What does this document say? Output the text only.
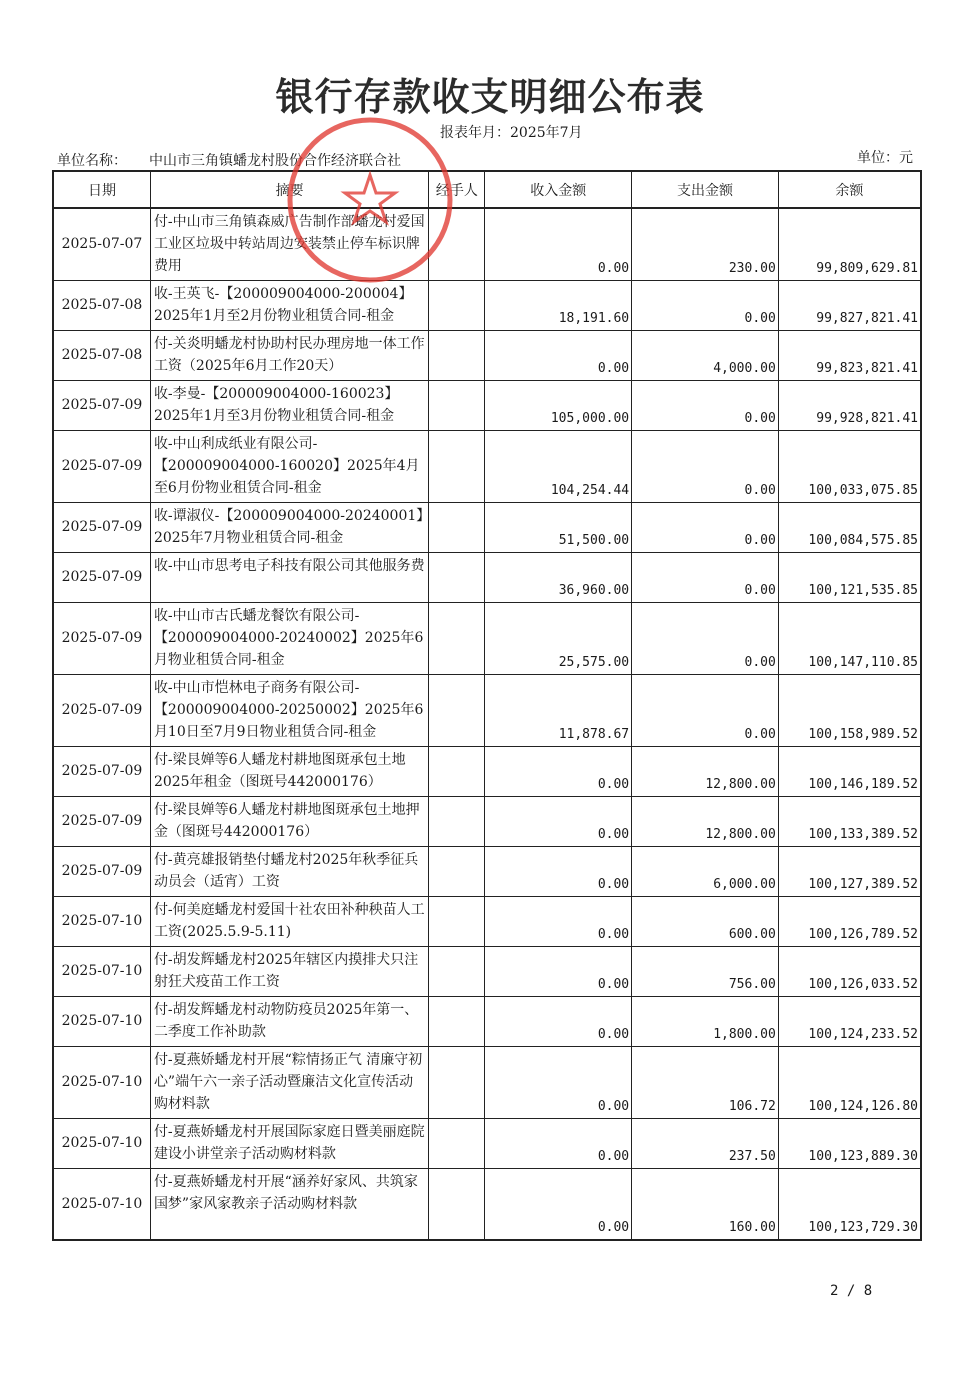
银行存款收支明细公布表
报表年月：2025年7月
单位名称： 中山市三角镇蟠龙村股份合作经济联合社	单位：元
日期	摘要	经手人	收入金额	支出金额	余额
2025-07-07	付-中山市三角镇森威广告制作部蟠龙村爱国工业区垃圾中转站周边安装禁止停车标识牌费用		0.00	230.00	99,809,629.81
2025-07-08	收-王英飞-【200009004000-200004】2025年1月至2月份物业租赁合同-租金		18,191.60	0.00	99,827,821.41
2025-07-08	付-关炎明蟠龙村协助村民办理房地一体工作工资（2025年6月工作20天）		0.00	4,000.00	99,823,821.41
2025-07-09	收-李曼-【200009004000-160023】2025年1月至3月份物业租赁合同-租金		105,000.00	0.00	99,928,821.41
2025-07-09	收-中山利成纸业有限公司-【200009004000-160020】2025年4月至6月份物业租赁合同-租金		104,254.44	0.00	100,033,075.85
2025-07-09	收-谭淑仪-【200009004000-20240001】2025年7月物业租赁合同-租金		51,500.00	0.00	100,084,575.85
2025-07-09	收-中山市思考电子科技有限公司其他服务费		36,960.00	0.00	100,121,535.85
2025-07-09	收-中山市古氏蟠龙餐饮有限公司-【200009004000-20240002】2025年6月物业租赁合同-租金		25,575.00	0.00	100,147,110.85
2025-07-09	收-中山市恺林电子商务有限公司-【200009004000-20250002】2025年6月10日至7月9日物业租赁合同-租金		11,878.67	0.00	100,158,989.52
2025-07-09	付-梁艮婵等6人蟠龙村耕地图斑承包土地2025年租金（图斑号442000176）		0.00	12,800.00	100,146,189.52
2025-07-09	付-梁艮婵等6人蟠龙村耕地图斑承包土地押金（图斑号442000176）		0.00	12,800.00	100,133,389.52
2025-07-09	付-黄亮雄报销垫付蟠龙村2025年秋季征兵动员会（适宵）工资		0.00	6,000.00	100,127,389.52
2025-07-10	付-何美庭蟠龙村爱国十社农田补种秧苗人工工资(2025.5.9-5.11)		0.00	600.00	100,126,789.52
2025-07-10	付-胡发辉蟠龙村2025年辖区内摸排犬只注射狂犬疫苗工作工资		0.00	756.00	100,126,033.52
2025-07-10	付-胡发辉蟠龙村动物防疫员2025年第一、二季度工作补助款		0.00	1,800.00	100,124,233.52
2025-07-10	付-夏燕娇蟠龙村开展“粽情扬正气 清廉守初心”端午六一亲子活动暨廉洁文化宣传活动购材料款		0.00	106.72	100,124,126.80
2025-07-10	付-夏燕娇蟠龙村开展国际家庭日暨美丽庭院建设小讲堂亲子活动购材料款		0.00	237.50	100,123,889.30
2025-07-10	付-夏燕娇蟠龙村开展“涵养好家风、共筑家国梦”家风家教亲子活动购材料款		0.00	160.00	100,123,729.30
2 / 8
